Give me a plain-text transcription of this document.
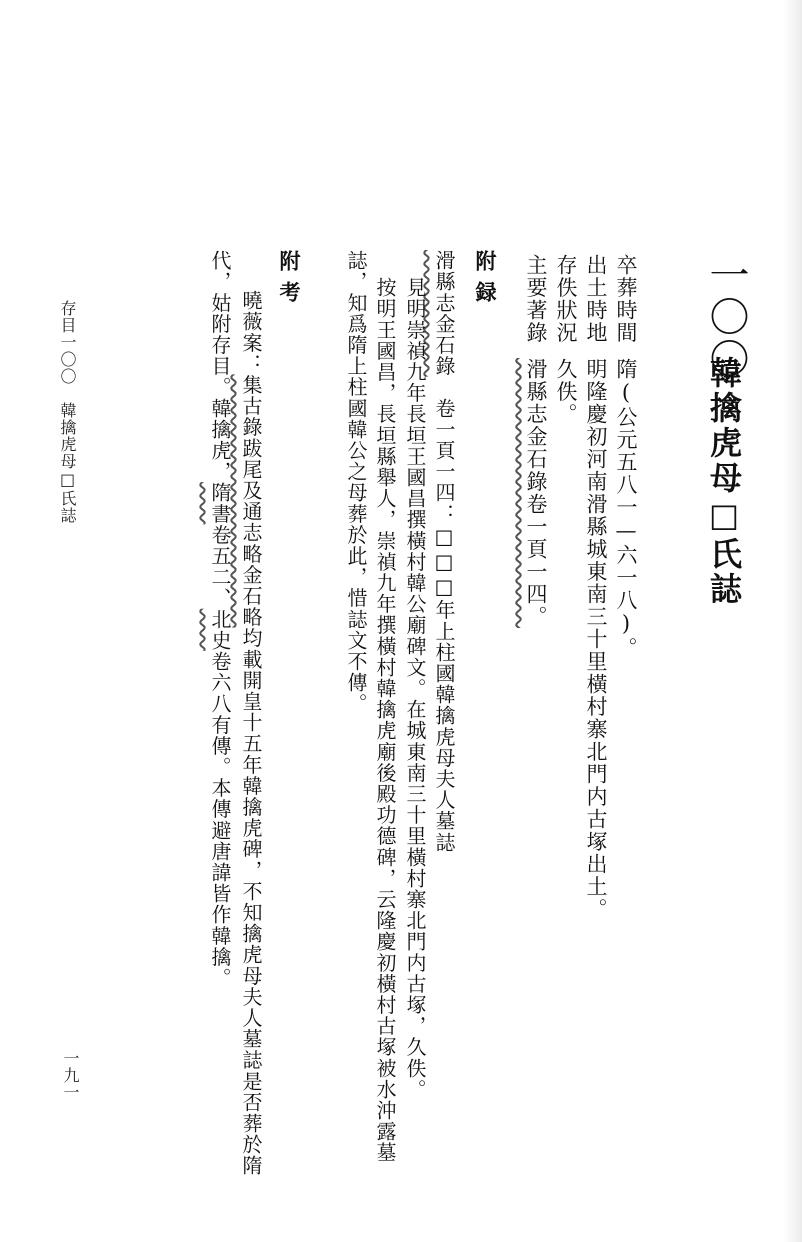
一〇〇
韓擒虎母□氏誌
卒葬時間隋(公元五八一—六一八)。
出土時地明隆慶初河南滑縣城東南三十里橫村寨北門内古塚出土。
存佚狀況久佚。
主要著錄滑縣志金石錄卷一頁一四。
附録
滑縣志金石錄　卷一頁一四：□□□年上柱國韓擒虎母夫人墓誌
見明崇禎九年長垣王國昌撰橫村韓公廟碑文。在城東南三十里橫村寨北門内古塚，久佚。
按明王國昌，長垣縣舉人，崇禎九年撰橫村韓擒虎廟後殿功德碑，云隆慶初橫村古塚被水沖露墓
誌，知爲隋上柱國韓公之母葬於此，惜誌文不傳。
附考
曉薇案：集古錄跋尾及通志略金石略均載開皇十五年韓擒虎碑，不知擒虎母夫人墓誌是否葬於隋
代，姑附存目。韓擒虎，隋書卷五二、北史卷六八有傳。本傳避唐諱皆作韓擒。
存目一〇〇　韓擒虎母□氏誌
一九一
